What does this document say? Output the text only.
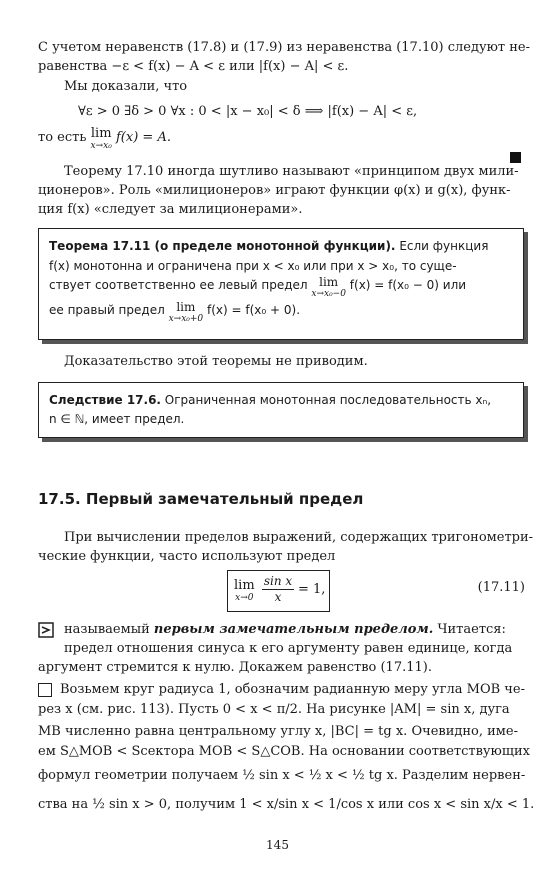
С учетом неравенств (17.8) и (17.9) из неравенства (17.10) следуют не-
равенства −ε < f(x) − A < ε или |f(x) − A| < ε.
Мы доказали, что
∀ε > 0 ∃δ > 0 ∀x : 0 < |x − x₀| < δ ⟹ |f(x) − A| < ε,
то есть lim
x→x₀
f(x) = A.
Теорему 17.10 иногда шутливо называют «принципом двух мили-
ционеров». Роль «милиционеров» играют функции φ(x) и g(x), функ-
ция f(x) «следует за милиционерами».
Теорема 17.11 (о пределе монотонной функции). Если функция
f(x) монотонна и ограничена при x < x₀ или при x > x₀, то суще-
ствует соответственно ее левый предел lim
x→x₀−0
f(x) = f(x₀ − 0) или
ее правый предел lim
x→x₀+0
f(x) = f(x₀ + 0).
Доказательство этой теоремы не приводим.
Следствие 17.6. Ограниченная монотонная последовательность xₙ,
n ∈ ℕ, имеет предел.
17.5. Первый замечательный предел
При вычислении пределов выражений, содержащих тригонометри-
ческие функции, часто используют предел
lim
x→0
sin x
x	= 1,	(17.11)
называемый первым замечательным пределом. Читается:
предел отношения синуса к его аргументу равен единице, когда
аргумент стремится к нулю. Докажем равенство (17.11).
Возьмем круг радиуса 1, обозначим радианную меру угла MOB че-
рез x (см. рис. 113). Пусть 0 < x < π/2. На рисунке |AM| = sin x, дуга
MB численно равна центральному углу x, |BC| = tg x. Очевидно, име-
ем S△MOB < Sсектора MOB < S△COB. На основании соответствующих
формул геометрии получаем ½ sin x < ½ x < ½ tg x. Разделим нервен-
ства на ½ sin x > 0, получим 1 < x/sin x < 1/cos x или cos x < sin x/x < 1.
145
